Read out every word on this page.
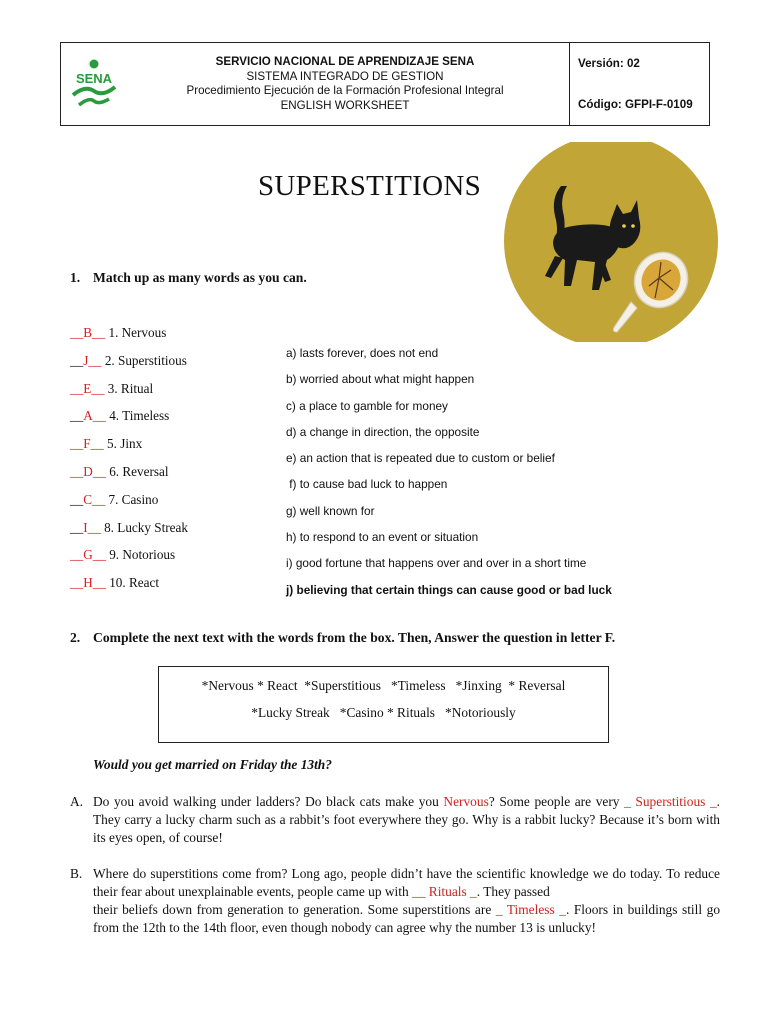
SENA
SERVICIO NACIONAL DE APRENDIZAJE SENA
SISTEMA INTEGRADO DE GESTION
Procedimiento Ejecución de la Formación Profesional Integral
ENGLISH WORKSHEET
Versión: 02
Código: GFPI-F-0109
SUPERSTITIONS
1. Match up as many words as you can.
__B__ 1. Nervous
__J__ 2. Superstitious
__E__ 3. Ritual
__A__ 4. Timeless
__F__ 5. Jinx
__D__ 6. Reversal
__C__ 7. Casino
__I__ 8. Lucky Streak
__G__ 9. Notorious
__H__ 10. React
a) lasts forever, does not end
b) worried about what might happen
c) a place to gamble for money
d) a change in direction, the opposite
e) an action that is repeated due to custom or belief
f) to cause bad luck to happen
g) well known for
h) to respond to an event or situation
i) good fortune that happens over and over in a short time
j) believing that certain things can cause good or bad luck
2. Complete the next text with the words from the box. Then, Answer the question in letter F.
*Nervous * React  *Superstitious   *Timeless   *Jinxing  * Reversal
*Lucky Streak   *Casino * Rituals   *Notoriously
Would you get married on Friday the 13th?
A. Do you avoid walking under ladders? Do black cats make you Nervous? Some people are very _ Superstitious _. They carry a lucky charm such as a rabbit’s foot everywhere they go. Why is a rabbit lucky? Because it’s born with its eyes open, of course!
B. Where do superstitions come from? Long ago, people didn’t have the scientific knowledge we do today. To reduce their fear about unexplainable events, people came up with __ Rituals _. They passed
their beliefs down from generation to generation. Some superstitions are _ Timeless _. Floors in buildings still go from the 12th to the 14th floor, even though nobody can agree why the number 13 is unlucky!
